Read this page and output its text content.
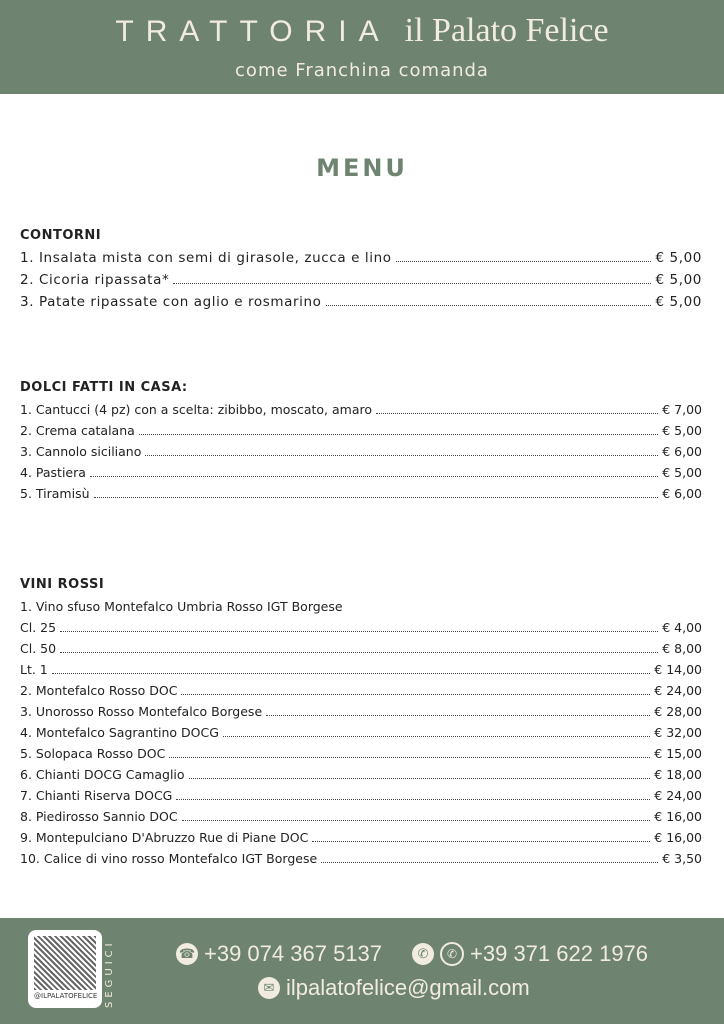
TRATTORIA il Palato Felice
come Franchina comanda
MENU
CONTORNI
1. Insalata mista con semi di girasole, zucca e lino	€ 5,00
2. Cicoria ripassata*	€ 5,00
3. Patate ripassate con aglio e rosmarino	€ 5,00
DOLCI FATTI IN CASA:
1. Cantucci (4 pz) con a scelta: zibibbo, moscato, amaro	€ 7,00
2. Crema catalana	€ 5,00
3. Cannolo siciliano	€ 6,00
4. Pastiera	€ 5,00
5. Tiramisù	€ 6,00
VINI ROSSI
1. Vino sfuso Montefalco Umbria Rosso IGT Borgese
Cl. 25	€ 4,00
Cl. 50	€ 8,00
Lt. 1	€ 14,00
2. Montefalco Rosso DOC	€ 24,00
3. Unorosso Rosso Montefalco Borgese	€ 28,00
4. Montefalco Sagrantino DOCG	€ 32,00
5. Solopaca Rosso DOC	€ 15,00
6. Chianti DOCG Camaglio	€ 18,00
7. Chianti Riserva DOCG	€ 24,00
8. Piedirosso Sannio DOC	€ 16,00
9. Montepulciano D'Abruzzo Rue di Piane DOC	€ 16,00
10. Calice di vino rosso Montefalco IGT Borgese	€ 3,50
@ILPALATOFELICE SEGUICI	☎ +39 074 367 5137	✆	✆ +39 371 622 1976
✉ ilpalatofelice@gmail.com
